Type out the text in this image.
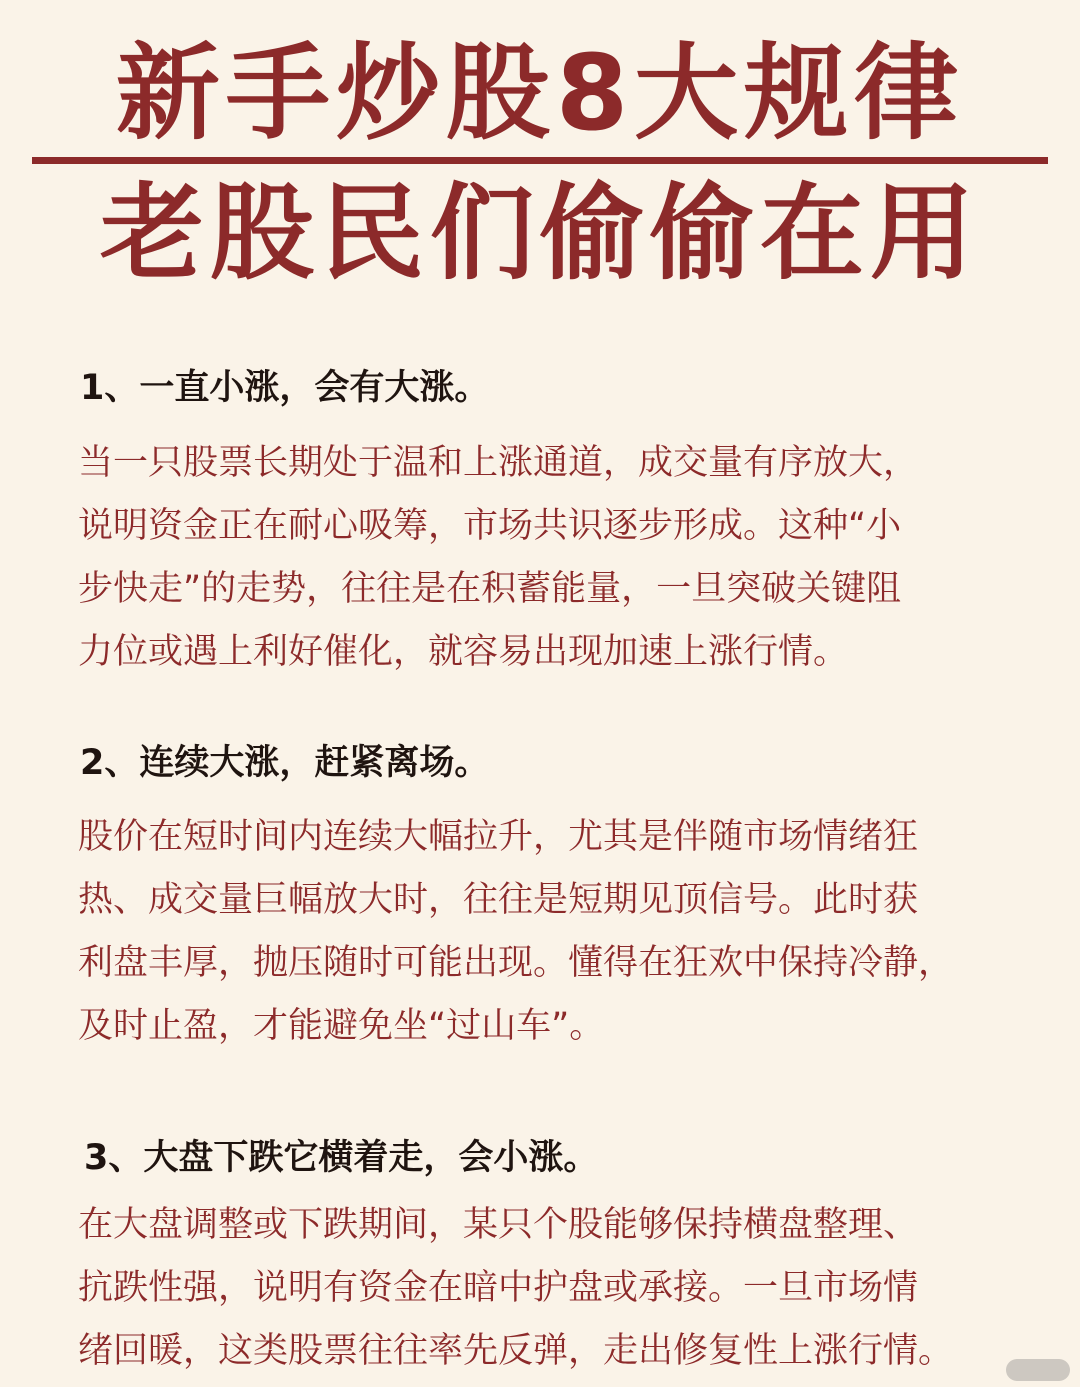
新手炒股8大规律
老股民们偷偷在用
1、一直小涨，会有大涨。
当一只股票长期处于温和上涨通道，成交量有序放大，
说明资金正在耐心吸筹，市场共识逐步形成。这种“小
步快走”的走势，往往是在积蓄能量，一旦突破关键阻
力位或遇上利好催化，就容易出现加速上涨行情。
2、连续大涨，赶紧离场。
股价在短时间内连续大幅拉升，尤其是伴随市场情绪狂
热、成交量巨幅放大时，往往是短期见顶信号。此时获
利盘丰厚，抛压随时可能出现。懂得在狂欢中保持冷静，
及时止盈，才能避免坐“过山车”。
3、大盘下跌它横着走，会小涨。
在大盘调整或下跌期间，某只个股能够保持横盘整理、
抗跌性强，说明有资金在暗中护盘或承接。一旦市场情
绪回暖，这类股票往往率先反弹，走出修复性上涨行情。
